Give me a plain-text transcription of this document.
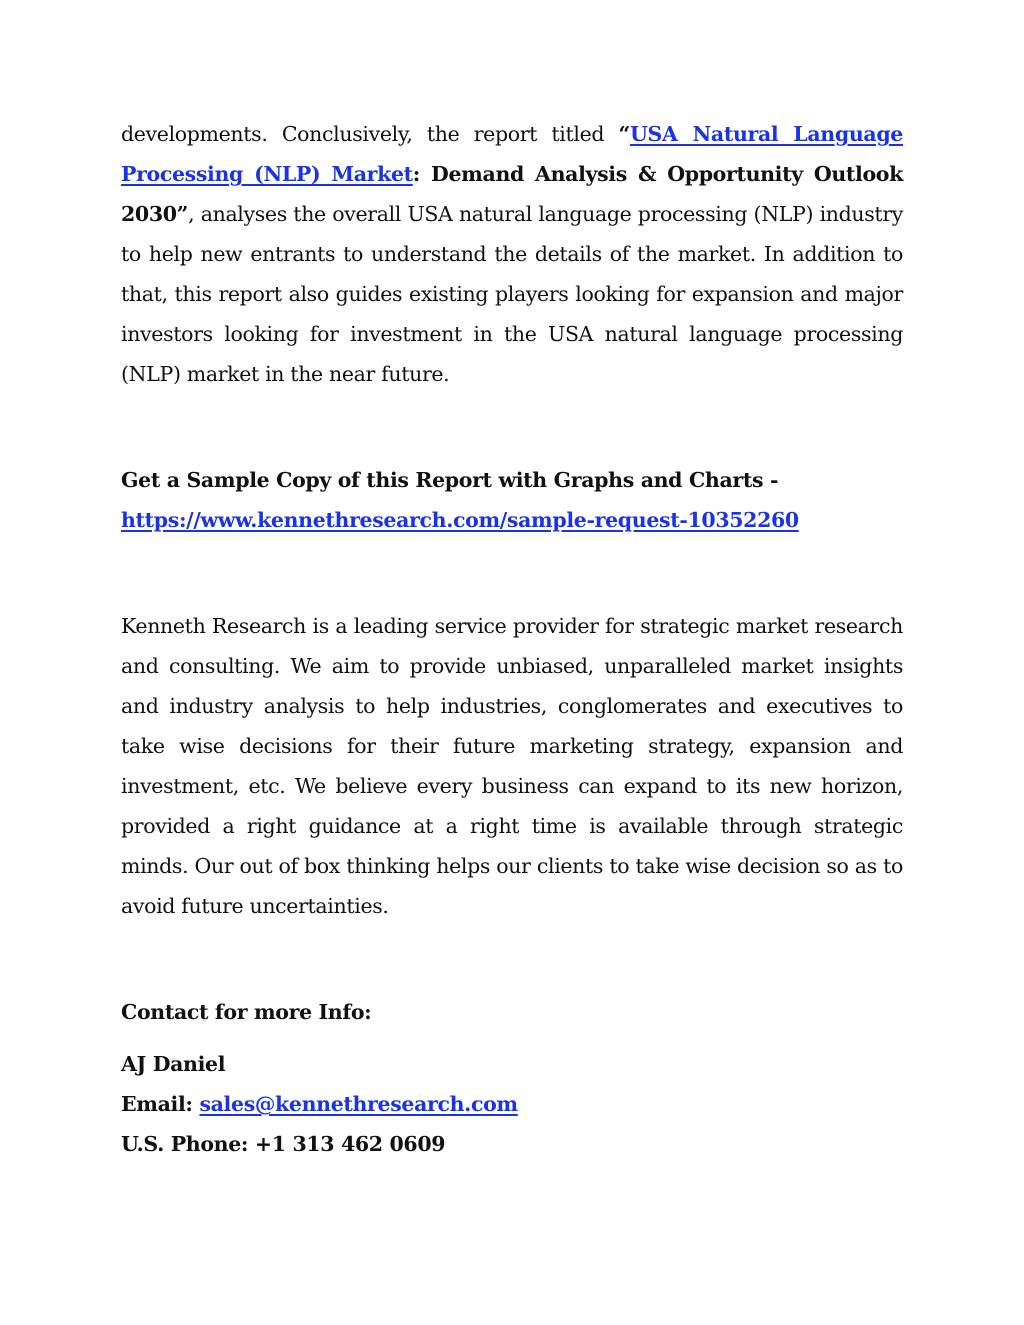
developments. Conclusively, the report titled “USA Natural Language Processing (NLP) Market: Demand Analysis & Opportunity Outlook 2030”, analyses the overall USA natural language processing (NLP) industry to help new entrants to understand the details of the market. In addition to that, this report also guides existing players looking for expansion and major investors looking for investment in the USA natural language processing (NLP) market in the near future.

Get a Sample Copy of this Report with Graphs and Charts -

https://www.kennethresearch.com/sample-request-10352260

Kenneth Research is a leading service provider for strategic market research and consulting. We aim to provide unbiased, unparalleled market insights and industry analysis to help industries, conglomerates and executives to take wise decisions for their future marketing strategy, expansion and investment, etc. We believe every business can expand to its new horizon, provided a right guidance at a right time is available through strategic minds. Our out of box thinking helps our clients to take wise decision so as to avoid future uncertainties.

Contact for more Info:

AJ Daniel

Email: sales@kennethresearch.com

U.S. Phone: +1 313 462 0609
